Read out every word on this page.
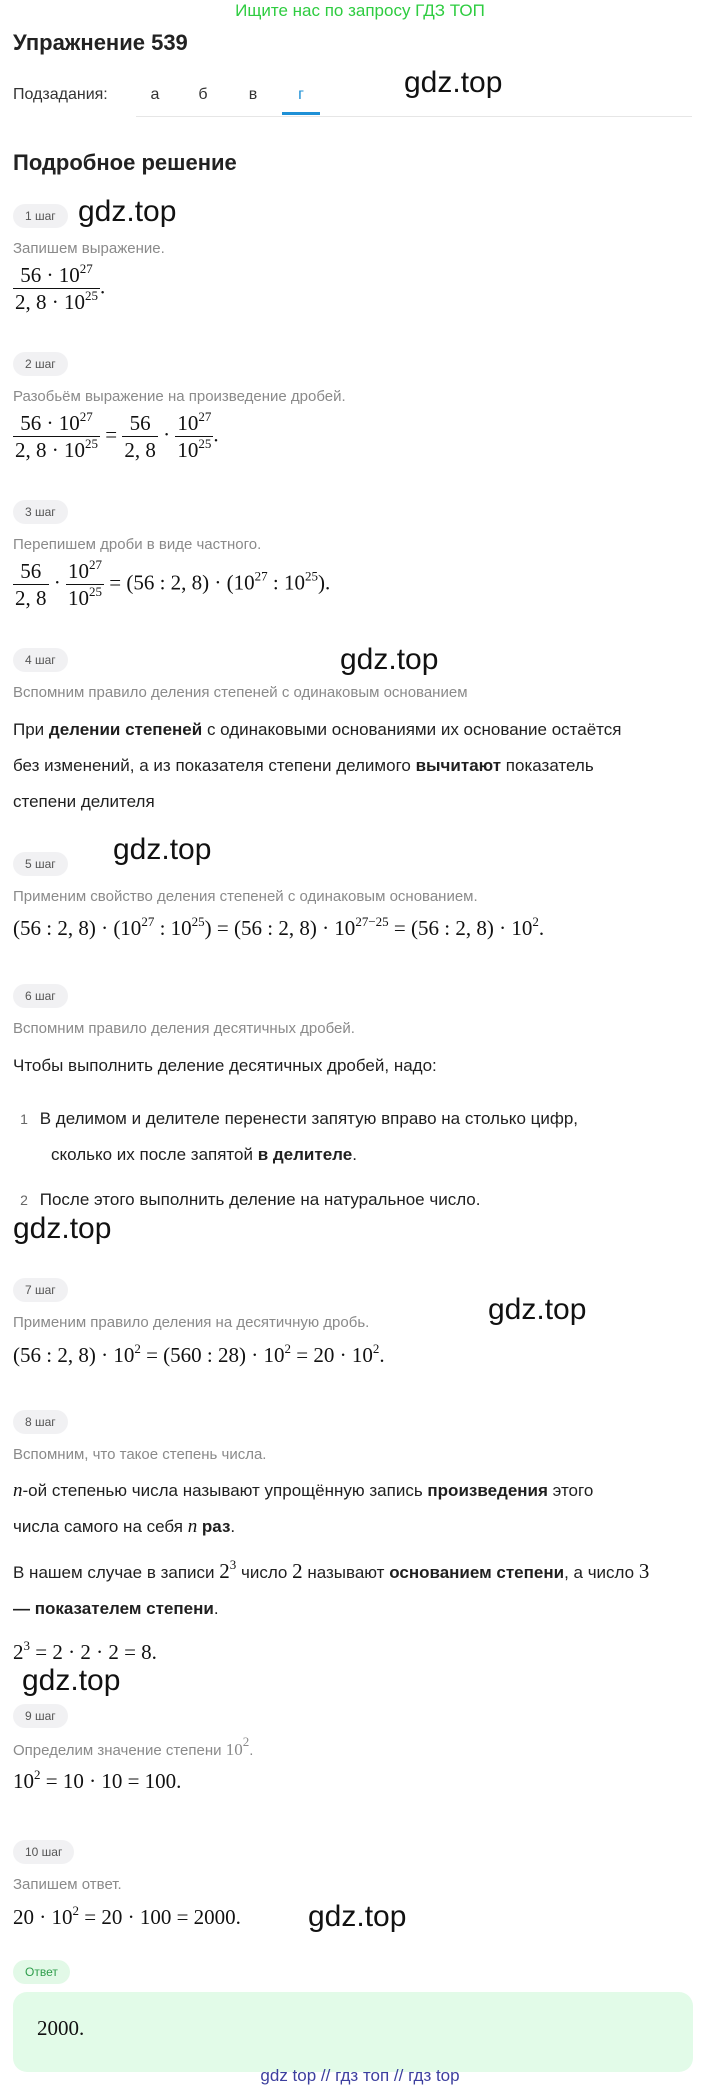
Ищите нас по запросу ГДЗ ТОП
Упражнение 539
Подзадания:	а	б	в	г	gdz.top
Подробное решение
1 шаг gdz.top
Запишем выражение.
$\frac{56 \cdot 10^{27}}{2, 8 \cdot 10^{25}}$ .
2 шаг
Разобьём выражение на произведение дробей.
$\frac{56 \cdot 10^{27}}{2, 8 \cdot 10^{25}} = \frac{56}{2, 8} \cdot \frac{10^{27}}{10^{25}}$ .
3 шаг
Перепишем дроби в виде частного.
$\frac{56}{2, 8} \cdot \frac{10^{27}}{10^{25}} = (56$ : 2, $8) \cdot (10^{27}$ : $10^{25}$).
4 шаг	gdz.top
Вспомним правило деления степеней с одинаковым основанием
При делении степеней с одинаковыми основаниями их основание остаётся
без изменений, а из показателя степени делимого вычитают показатель
степени делителя
5 шаг	gdz.top
Применим свойство деления степеней с одинаковым основанием.
(56 : 2, $8) \cdot (10^{27}$ : $10^{25}) = (56$ : 2, $8) \cdot 10^{27-25} = (56$ : 2, $8) \cdot 10^2$.
6 шаг
Вспомним правило деления десятичных дробей.
Чтобы выполнить деление десятичных дробей, надо:
1 В делимом и делителе перенести запятую вправо на столько цифр,
сколько их после запятой в делителе.
2 После этого выполнить деление на натуральное число.
gdz.top
7 шаг
gdz.top
Применим правило деления на десятичную дробь.
(56 : 2, $8) \cdot 10^2 = (560$ : $28) \cdot 10^2 = 20 \cdot 10^2$.
8 шаг
Вспомним, что такое степень числа.
n-ой степенью числа называют упрощённую запись произведения этого
числа самого на себя n раз.
В нашем случае в записи $2^3$ число 2 называют основанием степени, а число 3
— показателем степени.
$2^3 = 2 \cdot 2 \cdot 2 = 8$.
gdz.top
9 шаг
Определим значение степени $10^2$.
$10^2 = 10 \cdot 10 = 100$.
10 шаг
Запишем ответ.
$20 \cdot 10^2 = 20 \cdot 100 = 2000$. gdz.top
Ответ
2000.
gdz top // гдз топ // гдз top
